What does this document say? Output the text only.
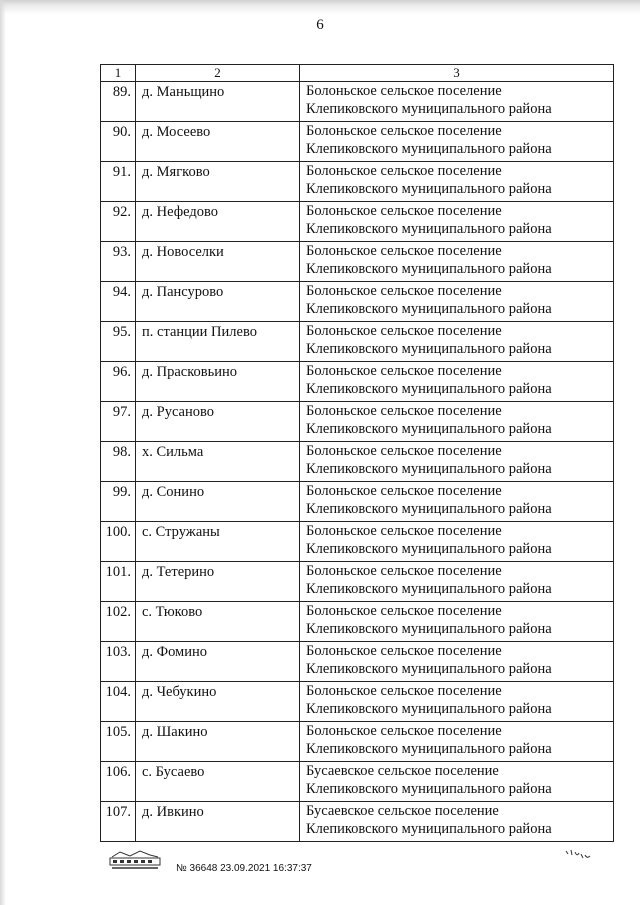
6
1	2	3
89.	д. Маньщино	Болоньское сельское поселение
Клепиковского муниципального района

90.	д. Мосеево	Болоньское сельское поселение
Клепиковского муниципального района

91.	д. Мягково	Болоньское сельское поселение
Клепиковского муниципального района

92.	д. Нефедово	Болоньское сельское поселение
Клепиковского муниципального района

93.	д. Новоселки	Болоньское сельское поселение
Клепиковского муниципального района

94.	д. Пансурово	Болоньское сельское поселение
Клепиковского муниципального района

95.	п. станции Пилево	Болоньское сельское поселение
Клепиковского муниципального района

96.	д. Прасковьино	Болоньское сельское поселение
Клепиковского муниципального района

97.	д. Русаново	Болоньское сельское поселение
Клепиковского муниципального района

98.	х. Сильма	Болоньское сельское поселение
Клепиковского муниципального района

99.	д. Сонино	Болоньское сельское поселение
Клепиковского муниципального района

100.	с. Стружаны	Болоньское сельское поселение
Клепиковского муниципального района

101.	д. Тетерино	Болоньское сельское поселение
Клепиковского муниципального района

102.	с. Тюково	Болоньское сельское поселение
Клепиковского муниципального района

103.	д. Фомино	Болоньское сельское поселение
Клепиковского муниципального района

104.	д. Чебукино	Болоньское сельское поселение
Клепиковского муниципального района

105.	д. Шакино	Болоньское сельское поселение
Клепиковского муниципального района

106.	с. Бусаево	Бусаевское сельское поселение
Клепиковского муниципального района

107.	д. Ивкино	Бусаевское сельское поселение
Клепиковского муниципального района
№ 36648 23.09.2021 16:37:37
